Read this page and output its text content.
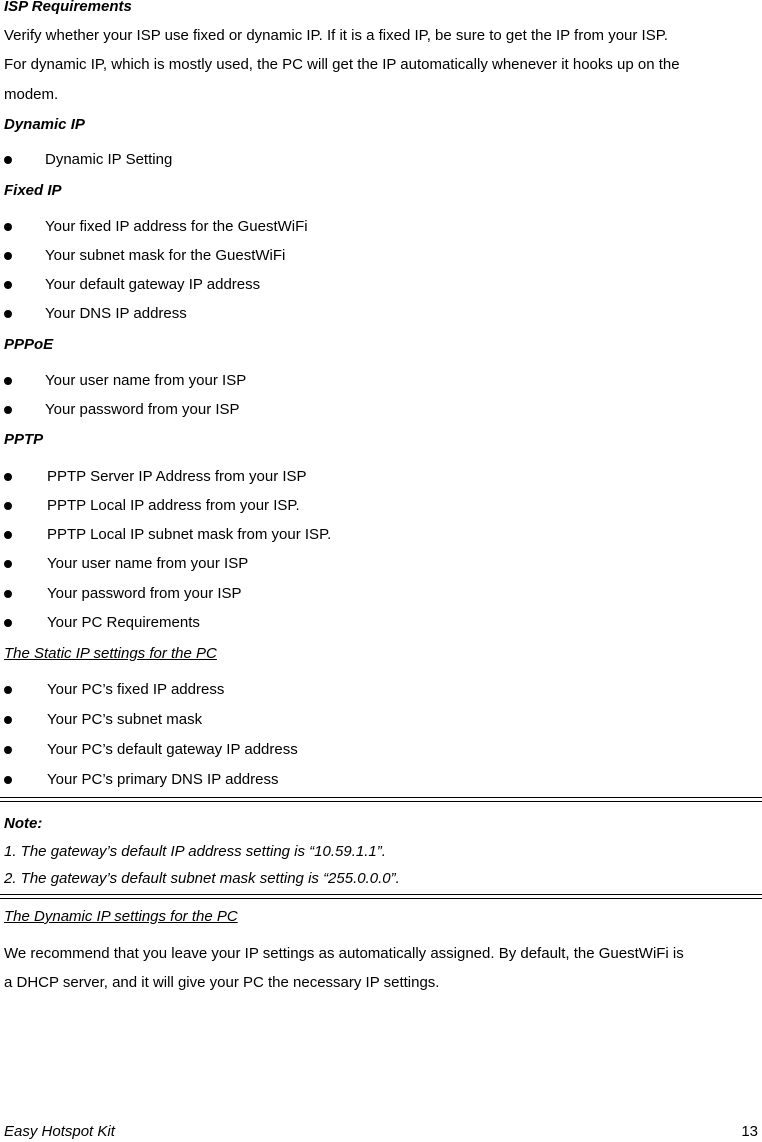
ISP Requirements
Verify whether your ISP use fixed or dynamic IP. If it is a fixed IP, be sure to get the IP from your ISP.
For dynamic IP, which is mostly used, the PC will get the IP automatically whenever it hooks up on the
modem.
Dynamic IP
Dynamic IP Setting
Fixed IP
Your fixed IP address for the GuestWiFi
Your subnet mask for the GuestWiFi
Your default gateway IP address
Your DNS IP address
PPPoE
Your user name from your ISP
Your password from your ISP
PPTP
PPTP Server IP Address from your ISP
PPTP Local IP address from your ISP.
PPTP Local IP subnet mask from your ISP.
Your user name from your ISP
Your password from your ISP
Your PC Requirements
The Static IP settings for the PC
Your PC’s fixed IP address
Your PC’s subnet mask
Your PC’s default gateway IP address
Your PC’s primary DNS IP address
Note:
1. The gateway’s default IP address setting is “10.59.1.1”.
2. The gateway’s default subnet mask setting is “255.0.0.0”.
The Dynamic IP settings for the PC
We recommend that you leave your IP settings as automatically assigned. By default, the GuestWiFi is
a DHCP server, and it will give your PC the necessary IP settings.
Easy Hotspot Kit	13
